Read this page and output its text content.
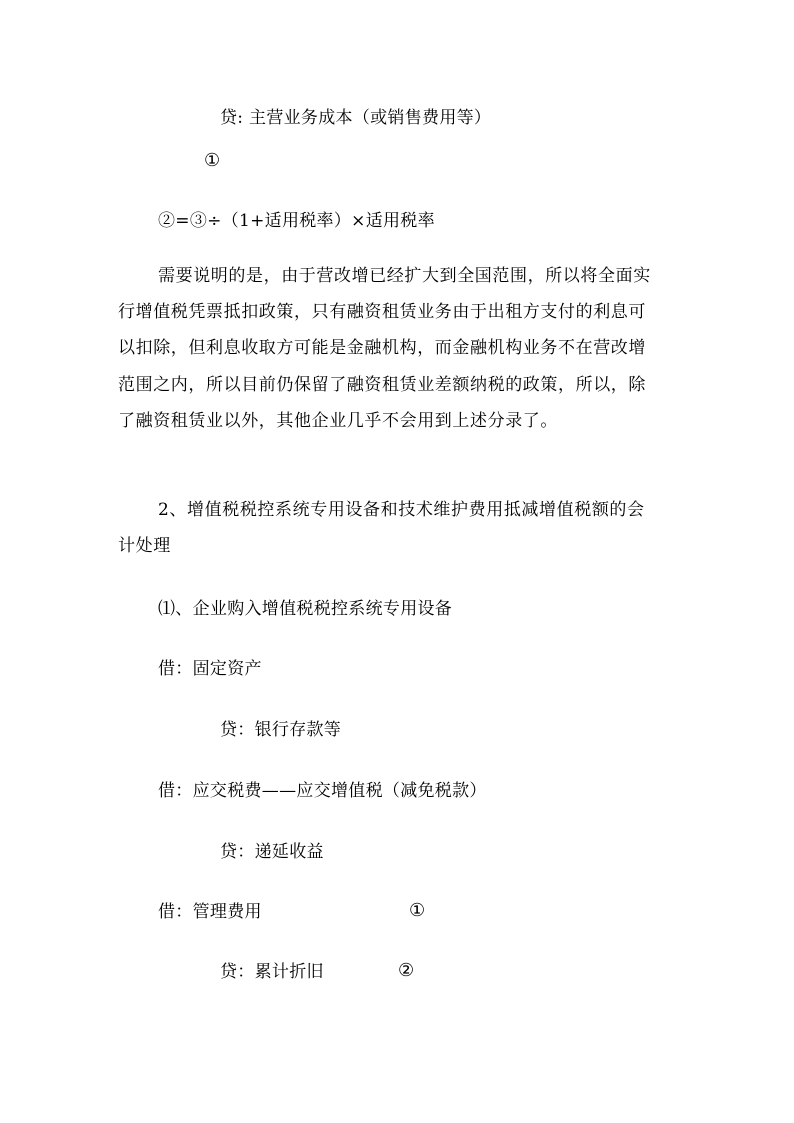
贷: 主营业务成本（或销售费用等）
①
②=③÷（1+适用税率）×适用税率
需要说明的是，由于营改增已经扩大到全国范围，所以将全面实
行增值税凭票抵扣政策，只有融资租赁业务由于出租方支付的利息可
以扣除，但利息收取方可能是金融机构，而金融机构业务不在营改增
范围之内，所以目前仍保留了融资租赁业差额纳税的政策，所以，除
了融资租赁业以外，其他企业几乎不会用到上述分录了。
2、增值税税控系统专用设备和技术维护费用抵减增值税额的会
计处理
⑴、企业购入增值税税控系统专用设备
借：固定资产
贷：银行存款等
借：应交税费——应交增值税（减免税款）
贷：递延收益
借：管理费用	①
贷：累计折旧	②
